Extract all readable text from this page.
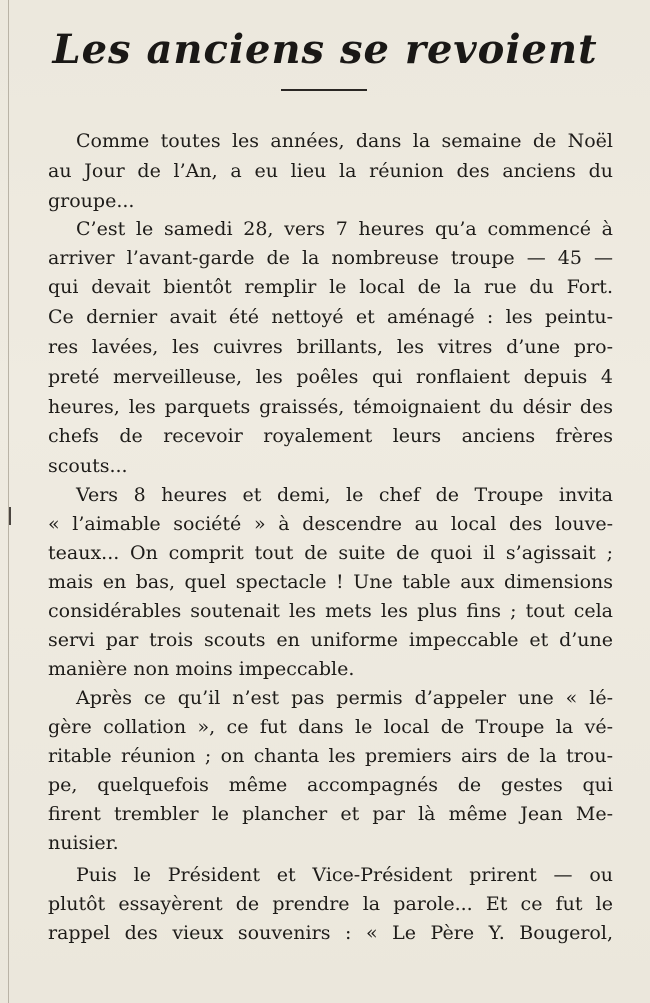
Les anciens se revoient
Comme toutes les années, dans la semaine de Noël
au Jour de l’An, a eu lieu la réunion des anciens du
groupe...
C’est le samedi 28, vers 7 heures qu’a commencé à
arriver l’avant-garde de la nombreuse troupe — 45 —
qui devait bientôt remplir le local de la rue du Fort.
Ce dernier avait été nettoyé et aménagé : les peintu-
res lavées, les cuivres brillants, les vitres d’une pro-
preté merveilleuse, les poêles qui ronflaient depuis 4
heures, les parquets graissés, témoignaient du désir des
chefs de recevoir royalement leurs anciens frères
scouts...
Vers 8 heures et demi, le chef de Troupe invita
« l’aimable société » à descendre au local des louve-
teaux... On comprit tout de suite de quoi il s’agissait ;
mais en bas, quel spectacle ! Une table aux dimensions
considérables soutenait les mets les plus fins ; tout cela
servi par trois scouts en uniforme impeccable et d’une
manière non moins impeccable.
Après ce qu’il n’est pas permis d’appeler une « lé-
gère collation », ce fut dans le local de Troupe la vé-
ritable réunion ; on chanta les premiers airs de la trou-
pe, quelquefois même accompagnés de gestes qui
firent trembler le plancher et par là même Jean Me-
nuisier.
Puis le Président et Vice-Président prirent — ou
plutôt essayèrent de prendre la parole... Et ce fut le
rappel des vieux souvenirs : « Le Père Y. Bougerol,
